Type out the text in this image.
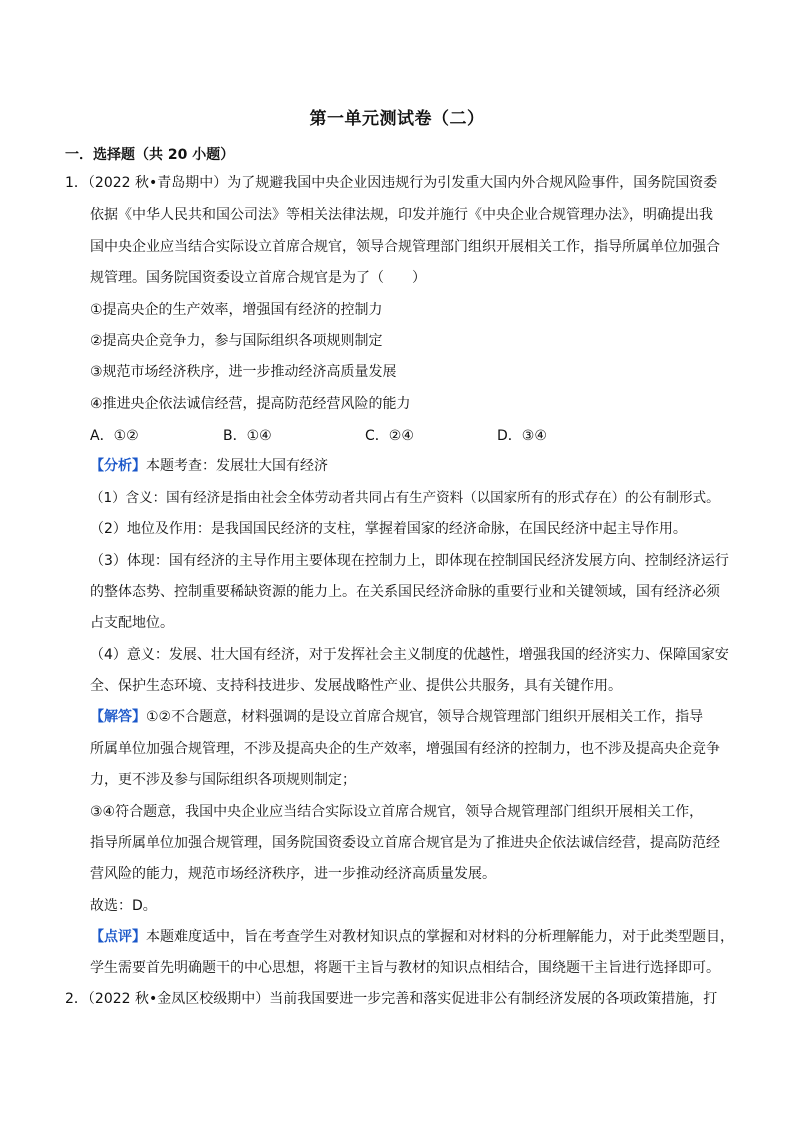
第一单元测试卷（二）
一．选择题（共 20 小题）
1．（2022 秋•青岛期中）为了规避我国中央企业因违规行为引发重大国内外合规风险事件，国务院国资委
依据《中华人民共和国公司法》等相关法律法规，印发并施行《中央企业合规管理办法》，明确提出我
国中央企业应当结合实际设立首席合规官，领导合规管理部门组织开展相关工作，指导所属单位加强合
规管理。国务院国资委设立首席合规官是为了（　　）
①提高央企的生产效率，增强国有经济的控制力
②提高央企竞争力，参与国际组织各项规则制定
③规范市场经济秩序，进一步推动经济高质量发展
④推进央企依法诚信经营，提高防范经营风险的能力
A．①②	B．①④	C．②④	D．③④
【分析】本题考查：发展壮大国有经济
（1）含义：国有经济是指由社会全体劳动者共同占有生产资料（以国家所有的形式存在）的公有制形式。
（2）地位及作用：是我国国民经济的支柱，掌握着国家的经济命脉，在国民经济中起主导作用。
（3）体现：国有经济的主导作用主要体现在控制力上，即体现在控制国民经济发展方向、控制经济运行
的整体态势、控制重要稀缺资源的能力上。在关系国民经济命脉的重要行业和关键领域，国有经济必须
占支配地位。
（4）意义：发展、壮大国有经济，对于发挥社会主义制度的优越性，增强我国的经济实力、保障国家安
全、保护生态环境、支持科技进步、发展战略性产业、提供公共服务，具有关键作用。
【解答】①②不合题意，材料强调的是设立首席合规官，领导合规管理部门组织开展相关工作，指导
所属单位加强合规管理，不涉及提高央企的生产效率，增强国有经济的控制力，也不涉及提高央企竞争
力，更不涉及参与国际组织各项规则制定；
③④符合题意，我国中央企业应当结合实际设立首席合规官，领导合规管理部门组织开展相关工作，
指导所属单位加强合规管理，国务院国资委设立首席合规官是为了推进央企依法诚信经营，提高防范经
营风险的能力，规范市场经济秩序，进一步推动经济高质量发展。
故选：D。
【点评】本题难度适中，旨在考查学生对教材知识点的掌握和对材料的分析理解能力，对于此类型题目，
学生需要首先明确题干的中心思想，将题干主旨与教材的知识点相结合，围绕题干主旨进行选择即可。
2．（2022 秋•金凤区校级期中）当前我国要进一步完善和落实促进非公有制经济发展的各项政策措施，打
